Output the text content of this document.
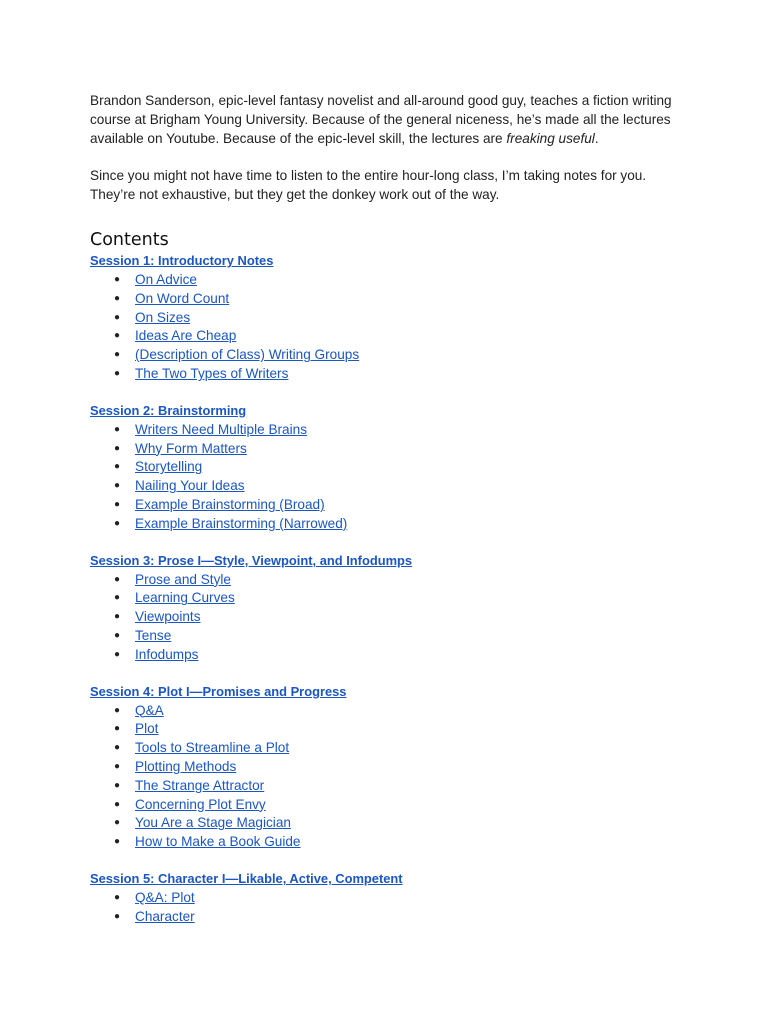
Brandon Sanderson, epic-level fantasy novelist and all-around good guy, teaches a fiction writing course at Brigham Young University. Because of the general niceness, he’s made all the lectures available on Youtube. Because of the epic-level skill, the lectures are freaking useful.

Since you might not have time to listen to the entire hour-long class, I’m taking notes for you. They’re not exhaustive, but they get the donkey work out of the way.

Contents
Session 1: Introductory Notes
● On Advice
● On Word Count
● On Sizes
● Ideas Are Cheap
● (Description of Class) Writing Groups
● The Two Types of Writers
Session 2: Brainstorming
● Writers Need Multiple Brains
● Why Form Matters
● Storytelling
● Nailing Your Ideas
● Example Brainstorming (Broad)
● Example Brainstorming (Narrowed)
Session 3: Prose I—Style, Viewpoint, and Infodumps
● Prose and Style
● Learning Curves
● Viewpoints
● Tense
● Infodumps
Session 4: Plot I—Promises and Progress
● Q&A
● Plot
● Tools to Streamline a Plot
● Plotting Methods
● The Strange Attractor
● Concerning Plot Envy
● You Are a Stage Magician
● How to Make a Book Guide
Session 5: Character I—Likable, Active, Competent
● Q&A: Plot
● Character
